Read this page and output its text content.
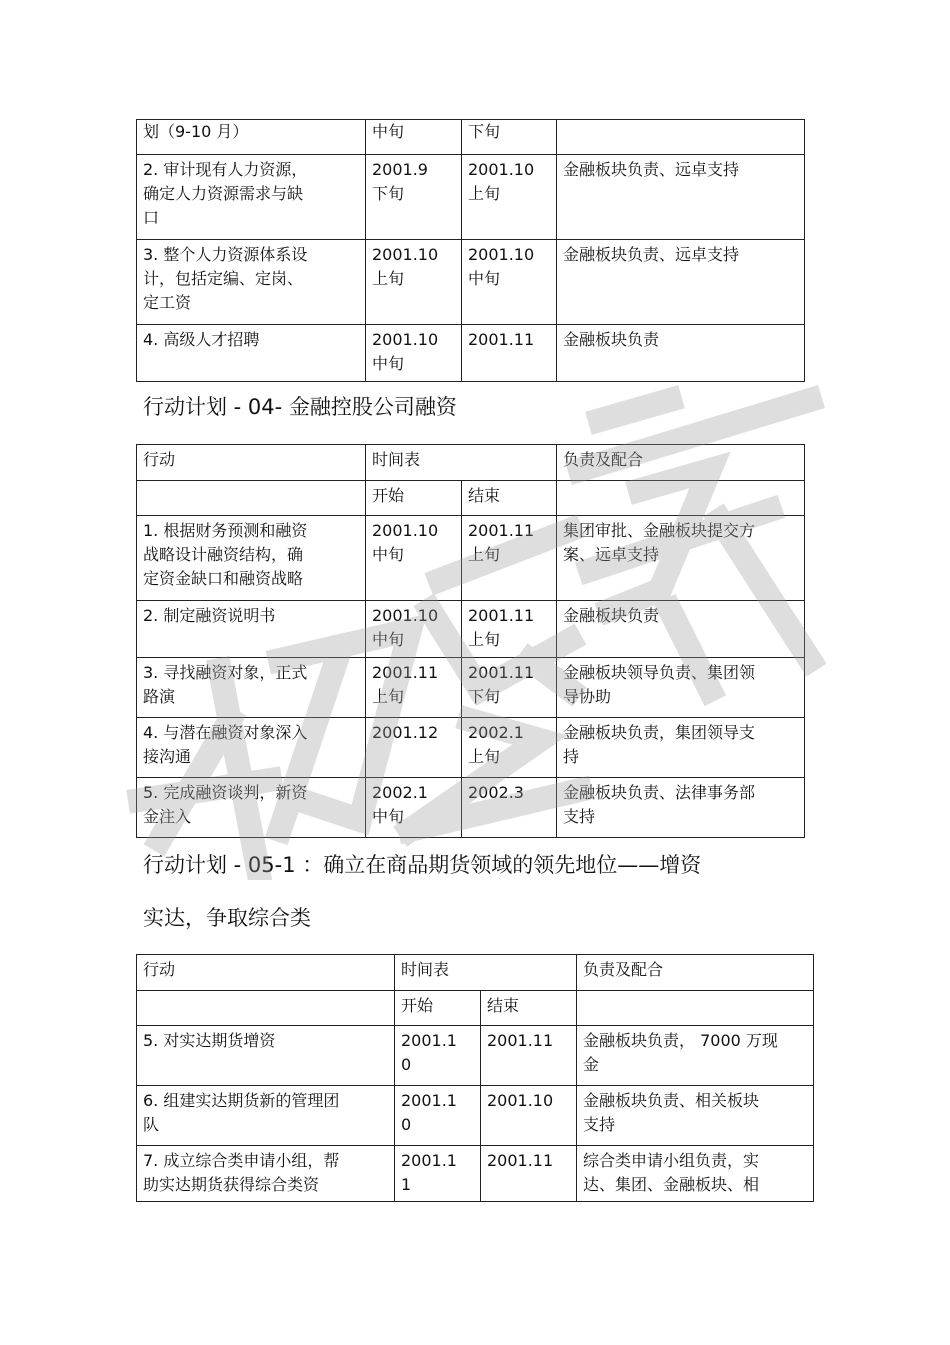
划（9-10 月）	中旬	下旬	
2. 审计现有人力资源，
确定人力资源需求与缺
口	2001.9
下旬	2001.10
上旬	金融板块负责、远卓支持
3. 整个人力资源体系设
计，包括定编、定岗、
定工资	2001.10
上旬	2001.10
中旬	金融板块负责、远卓支持
4. 高级人才招聘	2001.10
中旬	2001.11	金融板块负责
行动计划 - 04- 金融控股公司融资
行动	时间表		负责及配合
	开始	结束	
1. 根据财务预测和融资
战略设计融资结构，确
定资金缺口和融资战略	2001.10
中旬	2001.11
上旬	集团审批、金融板块提交方
案、远卓支持
2. 制定融资说明书	2001.10
中旬	2001.11
上旬	金融板块负责
3. 寻找融资对象，正式
路演	2001.11
上旬	2001.11
下旬	金融板块领导负责、集团领
导协助
4. 与潜在融资对象深入
接沟通	2001.12	2002.1
上旬	金融板块负责，集团领导支
持
5. 完成融资谈判，新资
金注入	2002.1
中旬	2002.3	金融板块负责、法律事务部
支持
行动计划 - 05-1 ：确立在商品期货领域的领先地位——增资
实达，争取综合类
行动	时间表		负责及配合
	开始	结束	
5. 对实达期货增资	2001.1
0	2001.11	金融板块负责， 7000 万现
金
6. 组建实达期货新的管理团
队	2001.1
0	2001.10	金融板块负责、相关板块
支持
7. 成立综合类申请小组，帮
助实达期货获得综合类资	2001.1
1	2001.11	综合类申请小组负责，实
达、集团、金融板块、相
